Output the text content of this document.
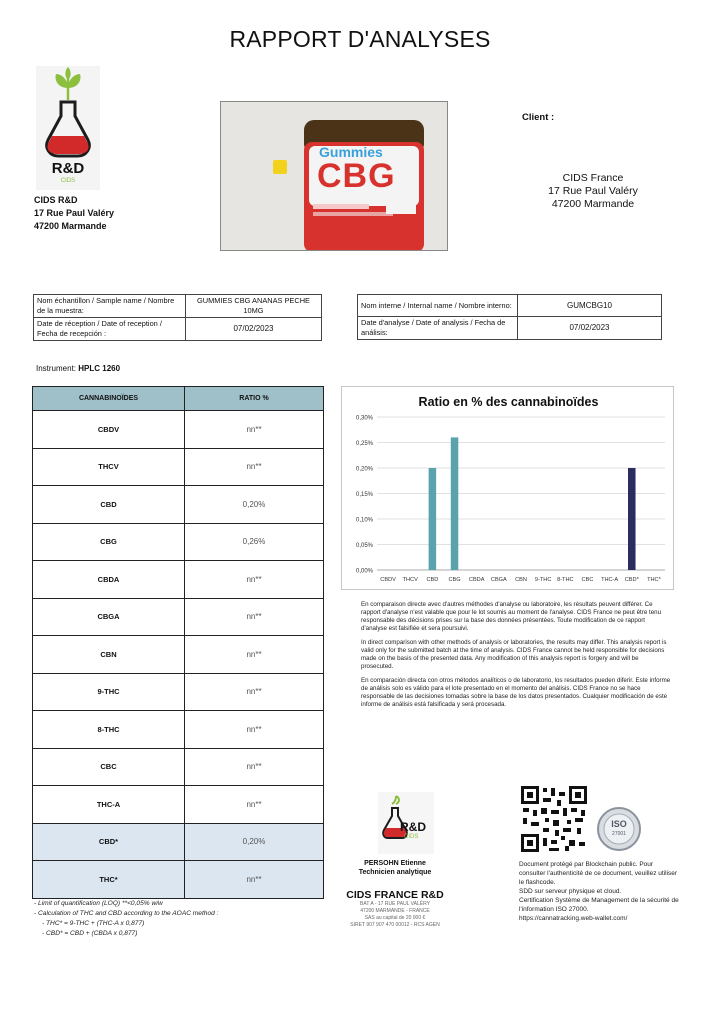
RAPPORT D'ANALYSES
R&D
CIDS
CIDS R&D
17 Rue Paul Valéry
47200 Marmande
Gummies
CBG
Client :
CIDS France
17 Rue Paul Valéry
47200 Marmande
Nom échantillon / Sample name / Nombre de la muestra:	GUMMIES CBG ANANAS PECHE 10MG
Date de réception / Date of reception / Fecha de recepción :	07/02/2023
Nom interne / Internal name / Nombre interno:	GUMCBG10
Date d'analyse / Date of analysis / Fecha de análisis:	07/02/2023
Instrument: HPLC 1260
CANNABINOÏDES	RATIO %
CBDV	nn**
THCV	nn**
CBD	0,20%
CBG	0,26%
CBDA	nn**
CBGA	nn**
CBN	nn**
9-THC	nn**
8-THC	nn**
CBC	nn**
THC-A	nn**
CBD*	0,20%
THC*	nn**
- Limit of quantification (LOQ) **<0,05% w/w
- Calculation of THC and CBD according to the AOAC method :
- THC* = 9-THC + (THC-A x 0,877)
- CBD* = CBD + (CBDA x 0,877)
Ratio en % des cannabinoïdes
0,00%
0,05%
0,10%
0,15%
0,20%
0,25%
0,30%
CBDV THCV CBD CBG CBDA CBGA CBN 9-THC 8-THC CBC THC-A CBD* THC*

En comparaison directe avec d'autres méthodes d'analyse ou laboratoire, les résultats peuvent différer. Ce rapport d'analyse n'est valable que pour le lot soumis au moment de l'analyse. CIDS France ne peut être tenu responsable des décisions prises sur la base des données présentées. Toute modification de ce rapport d'analyse est falsifiée et sera poursuivi.

In direct comparison with other methods of analysis or laboratories, the results may differ. This analysis report is valid only for the submitted batch at the time of analysis. CIDS France cannot be held responsible for decisions made on the basis of the presented data. Any modification of this analysis report is forgery and will be prosecuted.

En comparación directa con otros métodos analíticos o de laboratorio, los resultados pueden diferir. Este informe de análisis solo es válido para el lote presentado en el momento del análisis. CIDS France no se hace responsable de las decisiones tomadas sobre la base de los datos presentados. Cualquier modificación de este informe de análisis está falsificada y será procesada.

R&D
CIDS
PERSOHN Etienne
Technicien analytique
CIDS FRANCE R&D
BAT A - 17 RUE PAUL VALÉRY
47200 MARMANDE - FRANCE
SAS au capital de 20 000 €
SIRET 907 907 470 00012 - RCS AGEN
ISO
27001
Document protégé par Blockchain public. Pour consulter l'authenticité de ce document, veuillez utiliser le flashcode.
SDD sur serveur physique et cloud.
Certification Système de Management de la sécurité de l'information ISO 27000.
https://cannatracking.web-wallet.com/
